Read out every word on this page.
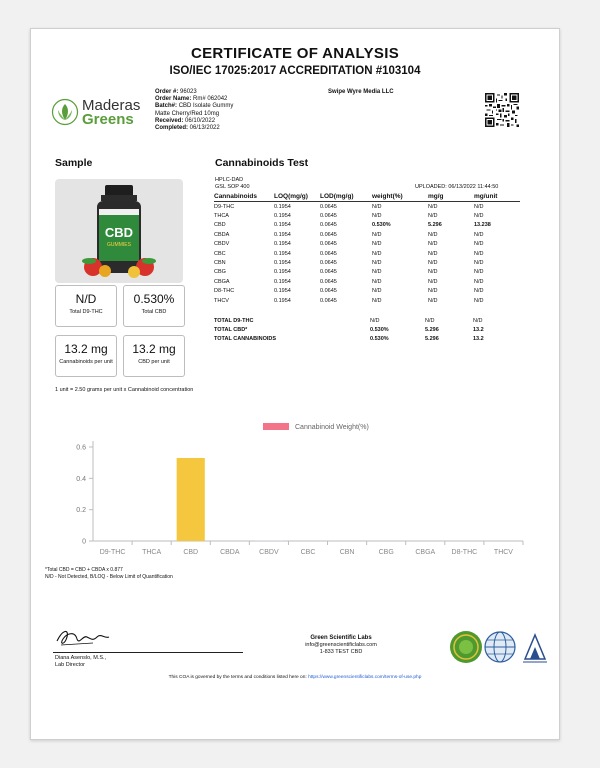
CERTIFICATE OF ANALYSIS
ISO/IEC 17025:2017 ACCREDITATION #103104
Maderas
Greens
Order #: 96023
Order Name: Rm# 062042
Batch#: CBD Isolate Gummy
Matte Cherry/Red 10mg
Received: 06/10/2022
Completed: 06/13/2022
Swipe Wyre Media LLC
Sample
CBD
GUMMIES
N/D
Total D9-THC
0.530%
Total CBD
13.2 mg
Cannabinoids per unit
13.2 mg
CBD per unit
1 unit = 2.50 grams per unit x Cannabinoid concentration
Cannabinoids Test
HPLC-DAD
GSL SOP 400	UPLOADED: 06/13/2022 11:44:50
Cannabinoids	LOQ(mg/g)	LOD(mg/g)	weight(%)	mg/g	mg/unit
D9-THC	0.1954	0.0645	N/D	N/D	N/D
THCA	0.1954	0.0645	N/D	N/D	N/D
CBD	0.1954	0.0645	0.530%	5.296	13.238
CBDA	0.1954	0.0645	N/D	N/D	N/D
CBDV	0.1954	0.0645	N/D	N/D	N/D
CBC	0.1954	0.0645	N/D	N/D	N/D
CBN	0.1954	0.0645	N/D	N/D	N/D
CBG	0.1954	0.0645	N/D	N/D	N/D
CBGA	0.1954	0.0645	N/D	N/D	N/D
D8-THC	0.1954	0.0645	N/D	N/D	N/D
THCV	0.1954	0.0645	N/D	N/D	N/D
TOTAL D9-THC	N/D	N/D	N/D
TOTAL CBD*	0.530%	5.296	13.2
TOTAL CANNABINOIDS	0.530%	5.296	13.2
Cannabinoid Weight(%)
0
0.2
0.4
0.6
D9-THC THCA	CBD	CBDA	CBDV	CBC	CBN	CBG	CBGA D8-THC THCV
*Total CBD = CBD + CBDA x 0.877
N/D - Not Detected, B/LOQ - Below Limit of Quantification
Diana Asenslo, M.S.,
Lab Director
Green Scientific Labs
info@greenscientificlabs.com
1-833 TEST CBD
This COA is governed by the terms and conditions listed here on: https://www.greenscientificlabs.com/terms-of-use.php
